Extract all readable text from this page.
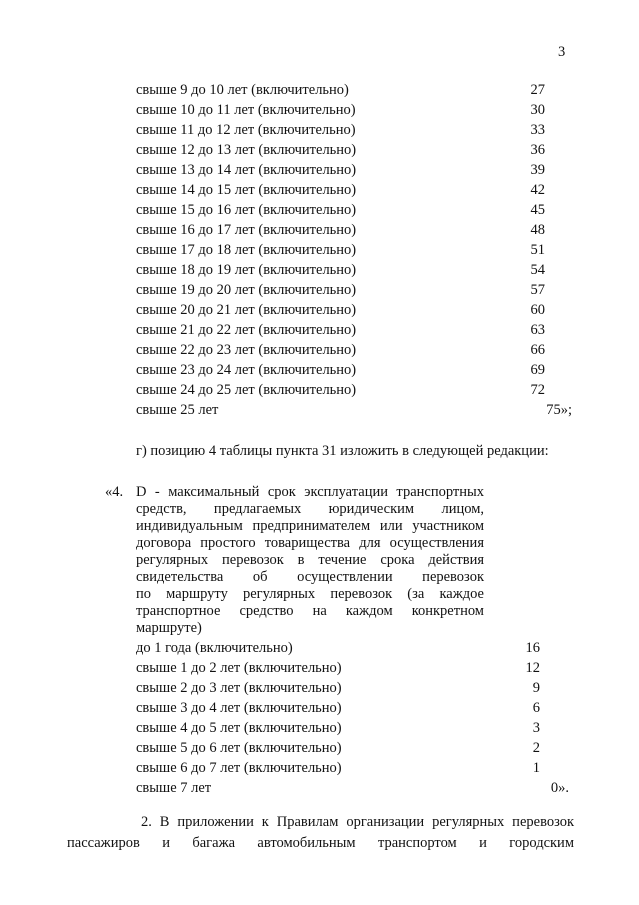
3
свыше 9 до 10 лет (включительно)	27
свыше 10 до 11 лет (включительно)	30
свыше 11 до 12 лет (включительно)	33
свыше 12 до 13 лет (включительно)	36
свыше 13 до 14 лет (включительно)	39
свыше 14 до 15 лет (включительно)	42
свыше 15 до 16 лет (включительно)	45
свыше 16 до 17 лет (включительно)	48
свыше 17 до 18 лет (включительно)	51
свыше 18 до 19 лет (включительно)	54
свыше 19 до 20 лет (включительно)	57
свыше 20 до 21 лет (включительно)	60
свыше 21 до 22 лет (включительно)	63
свыше 22 до 23 лет (включительно)	66
свыше 23 до 24 лет (включительно)	69
свыше 24 до 25 лет (включительно)	72
свыше 25 лет	75»;
г) позицию 4 таблицы пункта 31 изложить в следующей редакции:
«4. D - максимальный срок эксплуатации транспортных
средств, предлагаемых юридическим лицом,
индивидуальным предпринимателем или участником
договора простого товарищества для осуществления
регулярных перевозок в течение срока действия
свидетельства об осуществлении перевозок
по маршруту регулярных перевозок (за каждое
транспортное средство на каждом конкретном
маршруте)
до 1 года (включительно)	16
свыше 1 до 2 лет (включительно)	12
свыше 2 до 3 лет (включительно)	9
свыше 3 до 4 лет (включительно)	6
свыше 4 до 5 лет (включительно)	3
свыше 5 до 6 лет (включительно)	2
свыше 6 до 7 лет (включительно)	1
свыше 7 лет	0».
2. В приложении к Правилам организации регулярных перевозок
пассажиров и багажа автомобильным транспортом и городским
